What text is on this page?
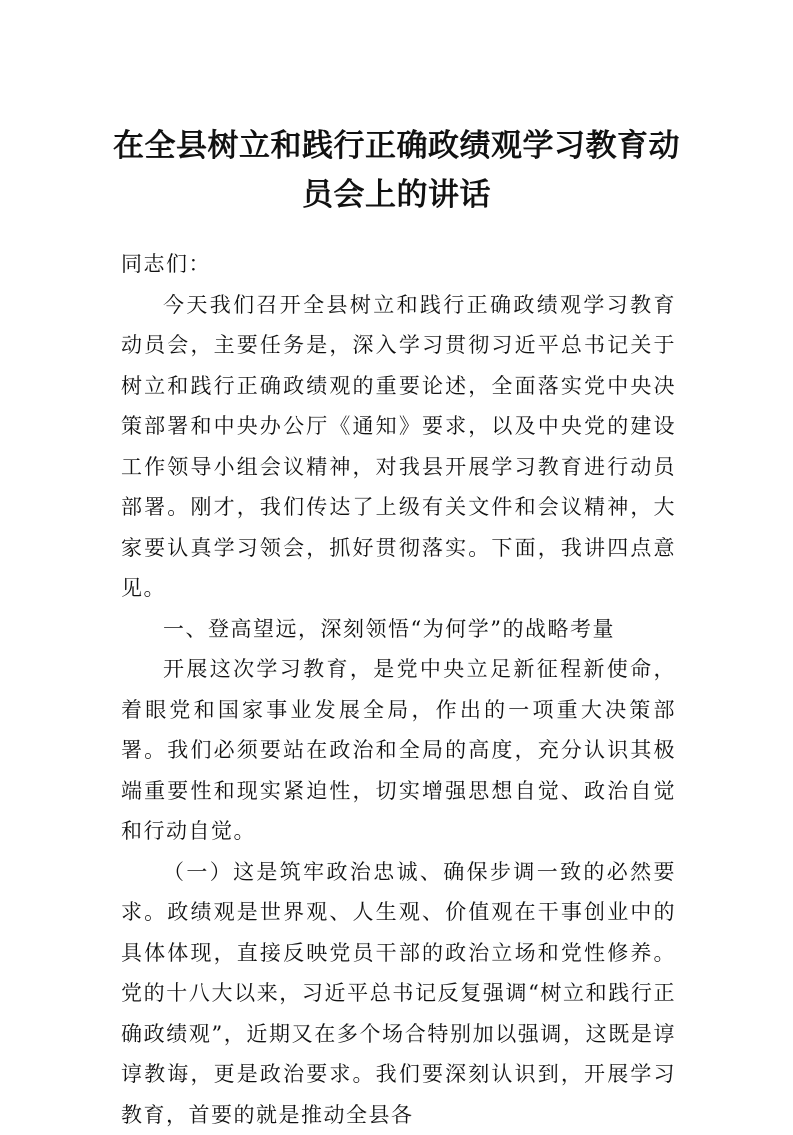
在全县树立和践行正确政绩观学习教育动
员会上的讲话

同志们：

今天我们召开全县树立和践行正确政绩观学习教育动员会，主要任务是，深入学习贯彻习近平总书记关于树立和践行正确政绩观的重要论述，全面落实党中央决策部署和中央办公厅《通知》要求，以及中央党的建设工作领导小组会议精神，对我县开展学习教育进行动员部署。刚才，我们传达了上级有关文件和会议精神，大家要认真学习领会，抓好贯彻落实。下面，我讲四点意见。

一、登高望远，深刻领悟“为何学”的战略考量

开展这次学习教育，是党中央立足新征程新使命，着眼党和国家事业发展全局，作出的一项重大决策部署。我们必须要站在政治和全局的高度，充分认识其极端重要性和现实紧迫性，切实增强思想自觉、政治自觉和行动自觉。

（一）这是筑牢政治忠诚、确保步调一致的必然要求。政绩观是世界观、人生观、价值观在干事创业中的具体体现，直接反映党员干部的政治立场和党性修养。党的十八大以来，习近平总书记反复强调“树立和践行正确政绩观”，近期又在多个场合特别加以强调，这既是谆谆教诲，更是政治要求。我们要深刻认识到，开展学习教育，首要的就是推动全县各
